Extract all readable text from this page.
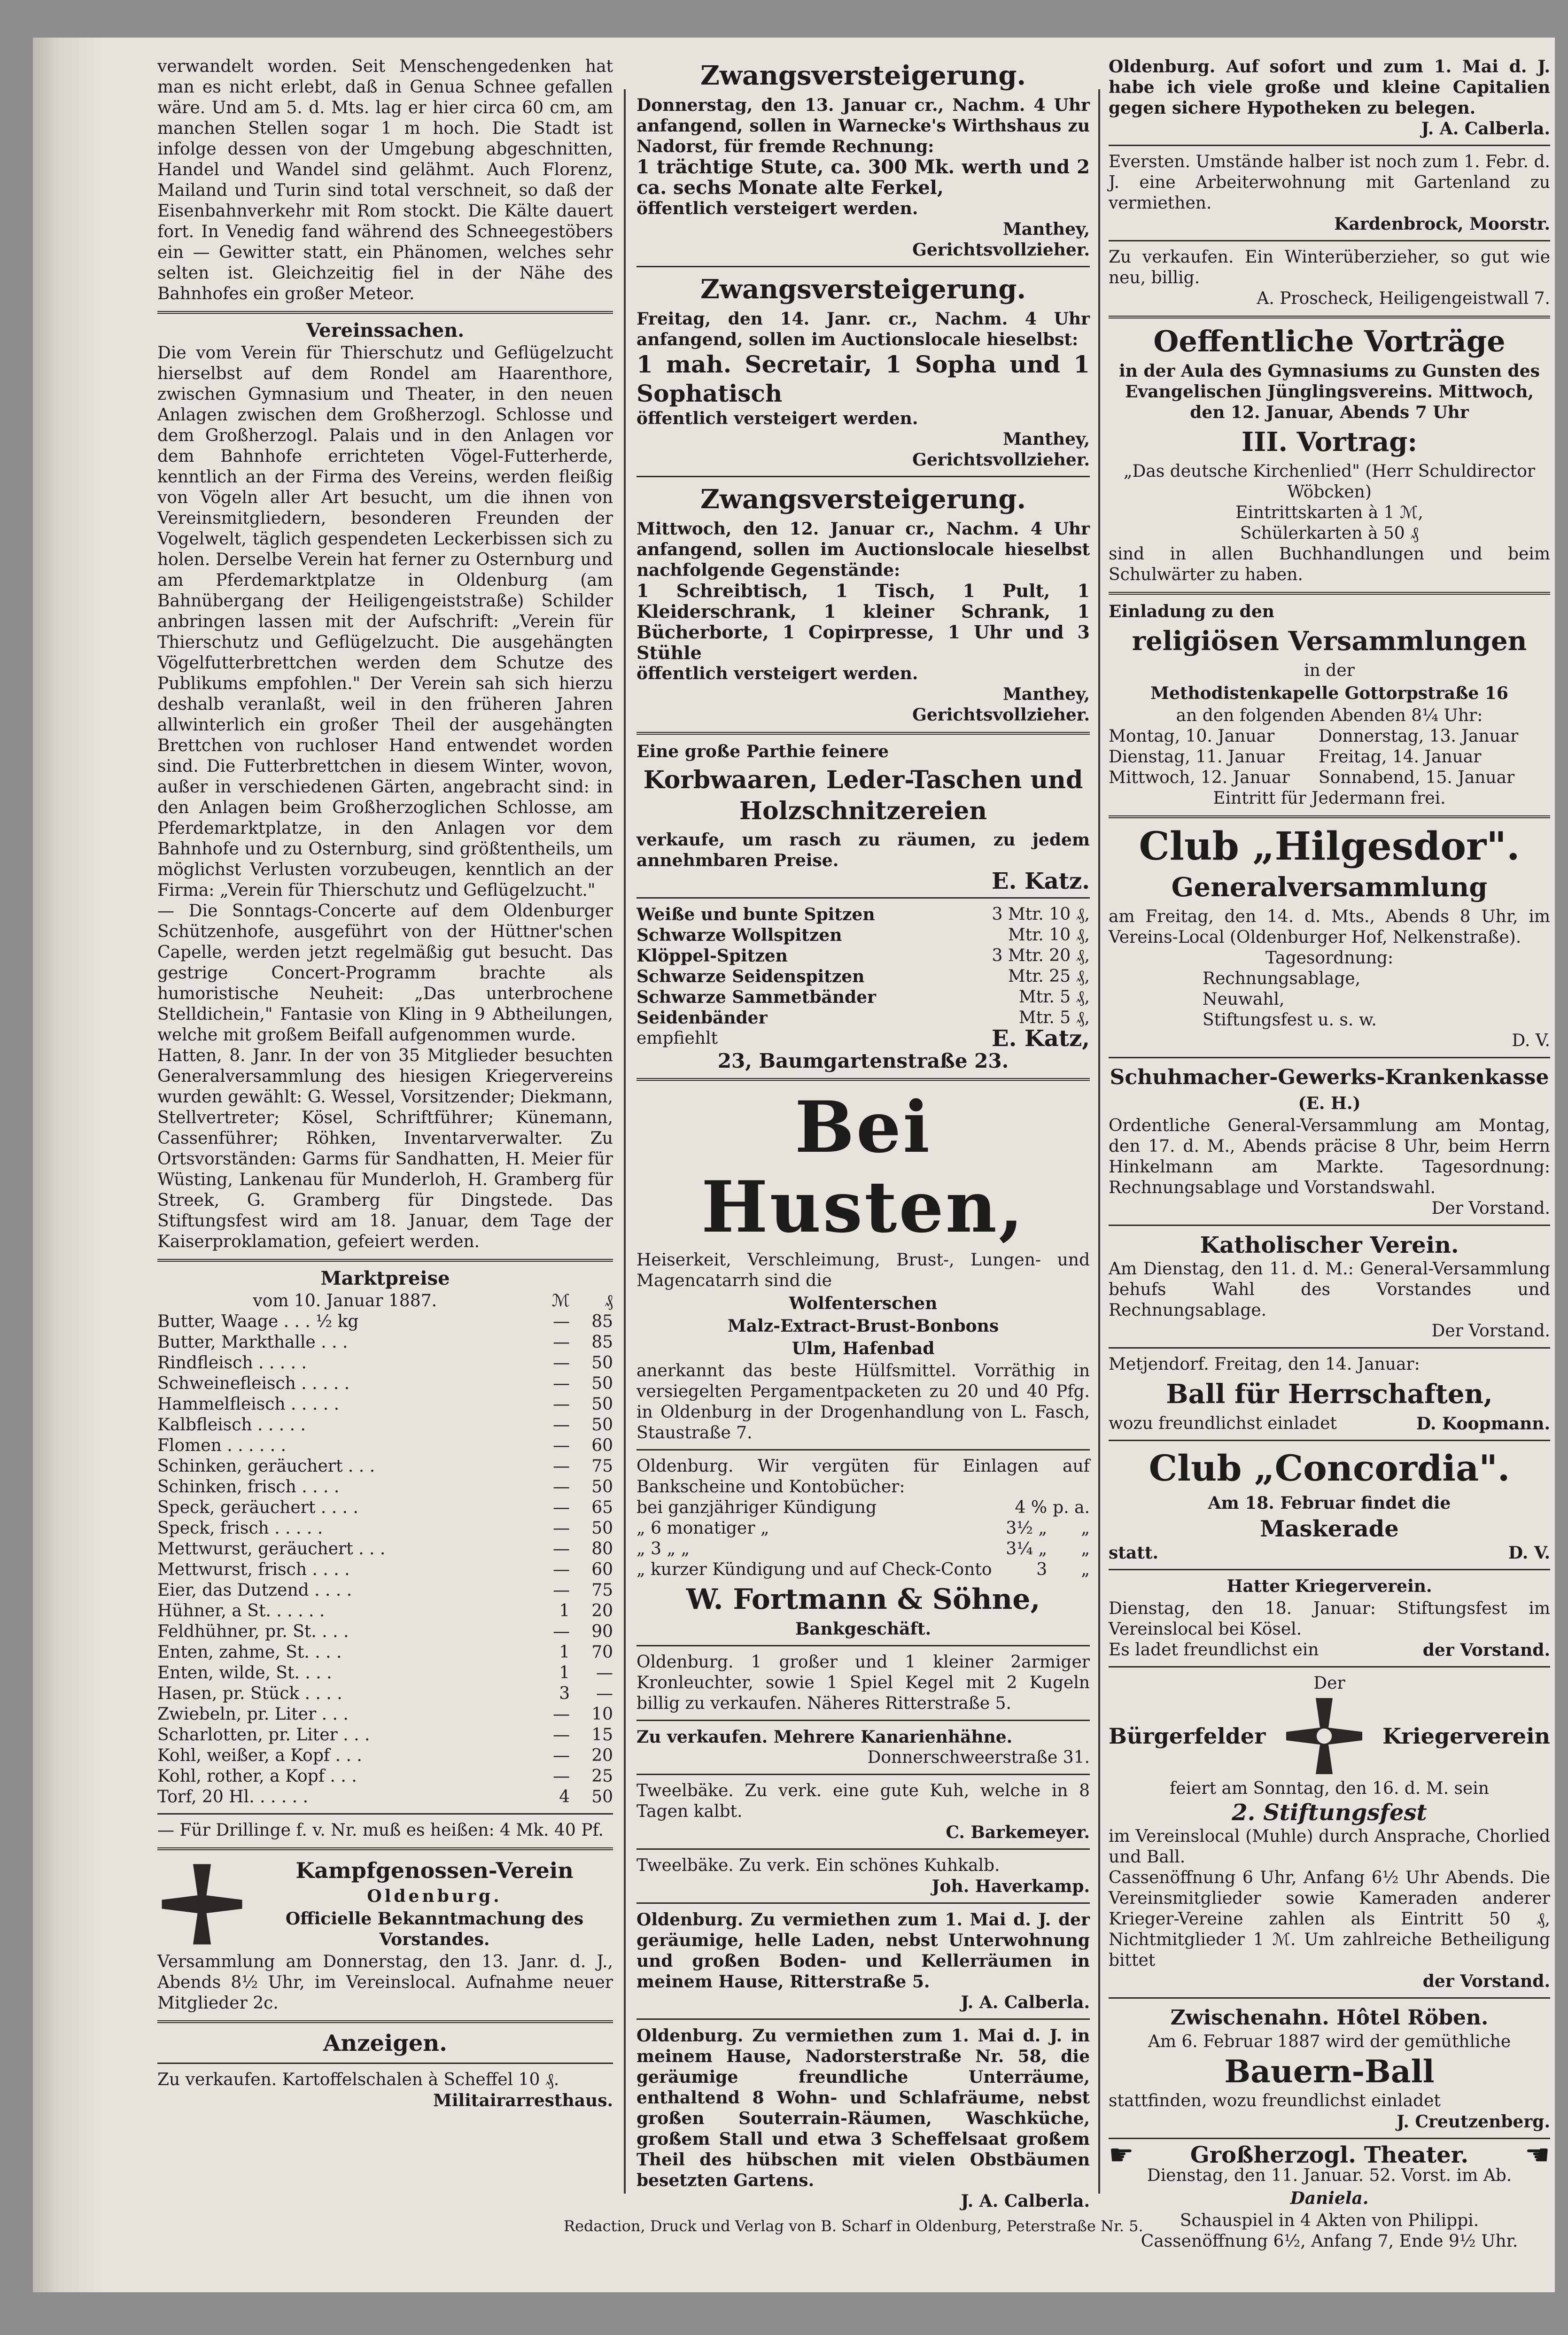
verwandelt worden. Seit Menschengedenken hat man es nicht erlebt, daß in Genua Schnee gefallen wäre. Und am 5. d. Mts. lag er hier circa 60 cm, am manchen Stellen sogar 1 m hoch. Die Stadt ist infolge dessen von der Umgebung abgeschnitten, Handel und Wandel sind gelähmt. Auch Florenz, Mailand und Turin sind total verschneit, so daß der Eisenbahnverkehr mit Rom stockt. Die Kälte dauert fort. In Venedig fand während des Schneegestöbers ein — Gewitter statt, ein Phänomen, welches sehr selten ist. Gleichzeitig fiel in der Nähe des Bahnhofes ein großer Meteor.

Vereinssachen.

Die vom Verein für Thierschutz und Geflügelzucht hierselbst auf dem Rondel am Haarenthore, zwischen Gymnasium und Theater, in den neuen Anlagen zwischen dem Großherzogl. Schlosse und dem Großherzogl. Palais und in den Anlagen vor dem Bahnhofe errichteten Vögel-Futterherde, kenntlich an der Firma des Vereins, werden fleißig von Vögeln aller Art besucht, um die ihnen von Vereinsmitgliedern, besonderen Freunden der Vogelwelt, täglich gespendeten Leckerbissen sich zu holen. Derselbe Verein hat ferner zu Osternburg und am Pferdemarktplatze in Oldenburg (am Bahnübergang der Heiligengeiststraße) Schilder anbringen lassen mit der Aufschrift: „Verein für Thierschutz und Geflügelzucht. Die ausgehängten Vögelfutterbrettchen werden dem Schutze des Publikums empfohlen." Der Verein sah sich hierzu deshalb veranlaßt, weil in den früheren Jahren allwinterlich ein großer Theil der ausgehängten Brettchen von ruchloser Hand entwendet worden sind. Die Futterbrettchen in diesem Winter, wovon, außer in verschiedenen Gärten, angebracht sind: in den Anlagen beim Großherzoglichen Schlosse, am Pferdemarktplatze, in den Anlagen vor dem Bahnhofe und zu Osternburg, sind größtentheils, um möglichst Verlusten vorzubeugen, kenntlich an der Firma: „Verein für Thierschutz und Geflügelzucht."

— Die Sonntags-Concerte auf dem Oldenburger Schützenhofe, ausgeführt von der Hüttner'schen Capelle, werden jetzt regelmäßig gut besucht. Das gestrige Concert-Programm brachte als humoristische Neuheit: „Das unterbrochene Stelldichein," Fantasie von Kling in 9 Abtheilungen, welche mit großem Beifall aufgenommen wurde.

Hatten, 8. Janr. In der von 35 Mitglieder besuchten Generalversammlung des hiesigen Kriegervereins wurden gewählt: G. Wessel, Vorsitzender; Diekmann, Stellvertreter; Kösel, Schriftführer; Künemann, Cassenführer; Röhken, Inventarverwalter. Zu Ortsvorständen: Garms für Sandhatten, H. Meier für Wüsting, Lankenau für Munderloh, H. Gramberg für Streek, G. Gramberg für Dingstede. Das Stiftungsfest wird am 18. Januar, dem Tage der Kaiserproklamation, gefeiert werden.

Marktpreise
vom 10. Januar 1887.	ℳ	₰
Butter, Waage . . . ½ kg	—	85
Butter, Markthalle . . .	—	85
Rindfleisch . . . . .	—	50
Schweinefleisch . . . . .	—	50
Hammelfleisch . . . . .	—	50
Kalbfleisch . . . . .	—	50
Flomen . . . . . .	—	60
Schinken, geräuchert . . .	—	75
Schinken, frisch . . . .	—	50
Speck, geräuchert . . . .	—	65
Speck, frisch . . . . .	—	50
Mettwurst, geräuchert . . .	—	80
Mettwurst, frisch . . . .	—	60
Eier, das Dutzend . . . .	—	75
Hühner, a St. . . . . .	1	20
Feldhühner, pr. St. . . .	—	90
Enten, zahme, St. . . .	1	70
Enten, wilde, St. . . .	1	—
Hasen, pr. Stück . . . .	3	—
Zwiebeln, pr. Liter . . .	—	10
Scharlotten, pr. Liter . . .	—	15
Kohl, weißer, a Kopf . . .	—	20
Kohl, rother, a Kopf . . .	—	25
Torf, 20 Hl. . . . . .	4	50

— Für Drillinge f. v. Nr. muß es heißen: 4 Mk. 40 Pf.

Kampfgenossen-Verein
Oldenburg.
Officielle Bekanntmachung des Vorstandes.

Versammlung am Donnerstag, den 13. Janr. d. J., Abends 8½ Uhr, im Vereinslocal. Aufnahme neuer Mitglieder 2c.

Anzeigen.

Zu verkaufen. Kartoffelschalen à Scheffel 10 ₰.

Militairarresthaus.

Zwangsversteigerung.

Donnerstag, den 13. Januar cr., Nachm. 4 Uhr anfangend, sollen in Warnecke's Wirthshaus zu Nadorst, für fremde Rechnung:

1 trächtige Stute, ca. 300 Mk. werth und 2 ca. sechs Monate alte Ferkel,

öffentlich versteigert werden.

Manthey,

Gerichtsvollzieher.

Zwangsversteigerung.

Freitag, den 14. Janr. cr., Nachm. 4 Uhr anfangend, sollen im Auctionslocale hieselbst:

1 mah. Secretair, 1 Sopha und 1 Sophatisch

öffentlich versteigert werden.

Manthey,

Gerichtsvollzieher.

Zwangsversteigerung.

Mittwoch, den 12. Januar cr., Nachm. 4 Uhr anfangend, sollen im Auctionslocale hieselbst nachfolgende Gegenstände:

1 Schreibtisch, 1 Tisch, 1 Pult, 1 Kleiderschrank, 1 kleiner Schrank, 1 Bücherborte, 1 Copirpresse, 1 Uhr und 3 Stühle

öffentlich versteigert werden.

Manthey,

Gerichtsvollzieher.

Eine große Parthie feinere

Korbwaaren, Leder-Taschen und Holzschnitzereien

verkaufe, um rasch zu räumen, zu jedem annehmbaren Preise.

E. Katz.

Weiße und bunte Spitzen	3 Mtr. 10 ₰,
Schwarze Wollspitzen	Mtr. 10 ₰,
Klöppel-Spitzen	3 Mtr. 20 ₰,
Schwarze Seidenspitzen	Mtr. 25 ₰,
Schwarze Sammetbänder	Mtr. 5 ₰,
Seidenbänder	Mtr. 5 ₰,
empfiehlt	E. Katz,

23, Baumgartenstraße 23.

Bei Husten,

Heiserkeit, Verschleimung, Brust-, Lungen- und Magencatarrh sind die

Wolfenterschen

Malz-Extract-Brust-Bonbons

Ulm, Hafenbad

anerkannt das beste Hülfsmittel. Vorräthig in versiegelten Pergamentpacketen zu 20 und 40 Pfg. in Oldenburg in der Drogenhandlung von L. Fasch, Staustraße 7.

Oldenburg. Wir vergüten für Einlagen auf Bankscheine und Kontobücher:

bei ganzjähriger Kündigung	4 %	p. a.
„ 6 monatiger „	3½ „	„
„ 3 „ „	3¼ „	„
„ kurzer Kündigung und auf Check-Conto	3	„
W. Fortmann & Söhne,

Bankgeschäft.

Oldenburg. 1 großer und 1 kleiner 2armiger Kronleuchter, sowie 1 Spiel Kegel mit 2 Kugeln billig zu verkaufen. Näheres Ritterstraße 5.

Zu verkaufen. Mehrere Kanarienhähne.

Donnerschweerstraße 31.

Tweelbäke. Zu verk. eine gute Kuh, welche in 8 Tagen kalbt.

C. Barkemeyer.

Tweelbäke. Zu verk. Ein schönes Kuhkalb.

Joh. Haverkamp.

Oldenburg. Zu vermiethen zum 1. Mai d. J. der geräumige, helle Laden, nebst Unterwohnung und großen Boden- und Kellerräumen in meinem Hause, Ritterstraße 5.

J. A. Calberla.

Oldenburg. Zu vermiethen zum 1. Mai d. J. in meinem Hause, Nadorsterstraße Nr. 58, die geräumige freundliche Unterräume, enthaltend 8 Wohn- und Schlafräume, nebst großen Souterrain-Räumen, Waschküche, großem Stall und etwa 3 Scheffelsaat großem Theil des hübschen mit vielen Obstbäumen besetzten Gartens.

J. A. Calberla.

Oldenburg. Auf sofort und zum 1. Mai d. J. habe ich viele große und kleine Capitalien gegen sichere Hypotheken zu belegen.

J. A. Calberla.

Eversten. Umstände halber ist noch zum 1. Febr. d. J. eine Arbeiterwohnung mit Gartenland zu vermiethen.

Kardenbrock, Moorstr.

Zu verkaufen. Ein Winterüberzieher, so gut wie neu, billig.

A. Proscheck, Heiligengeistwall 7.

Oeffentliche Vorträge

in der Aula des Gymnasiums zu Gunsten des Evangelischen Jünglingsvereins. Mittwoch, den 12. Januar, Abends 7 Uhr

III. Vortrag:

„Das deutsche Kirchenlied" (Herr Schuldirector Wöbcken)

Eintrittskarten à 1 ℳ,

Schülerkarten à 50 ₰

sind in allen Buchhandlungen und beim Schulwärter zu haben.

Einladung zu den

religiösen Versammlungen

in der

Methodistenkapelle Gottorpstraße 16

an den folgenden Abenden 8¼ Uhr:

Montag, 10. Januar	Donnerstag, 13. Januar
Dienstag, 11. Januar	Freitag, 14. Januar
Mittwoch, 12. Januar	Sonnabend, 15. Januar

Eintritt für Jedermann frei.

Club „Hilgesdor".
Generalversammlung

am Freitag, den 14. d. Mts., Abends 8 Uhr, im Vereins-Local (Oldenburger Hof, Nelkenstraße).

Tagesordnung:

Rechnungsablage,
Neuwahl,
Stiftungsfest u. s. w.

D. V.

Schuhmacher-Gewerks-Krankenkasse

(E. H.)

Ordentliche General-Versammlung am Montag, den 17. d. M., Abends präcise 8 Uhr, beim Herrn Hinkelmann am Markte. Tagesordnung: Rechnungsablage und Vorstandswahl.

Der Vorstand.

Katholischer Verein.

Am Dienstag, den 11. d. M.: General-Versammlung behufs Wahl des Vorstandes und Rechnungsablage.

Der Vorstand.

Metjendorf. Freitag, den 14. Januar:

Ball für Herrschaften,
wozu freundlichst einladet	D. Koopmann.
Club „Concordia".

Am 18. Februar findet die

Maskerade
statt.	D. V.

Hatter Kriegerverein.

Dienstag, den 18. Januar: Stiftungsfest im Vereinslocal bei Kösel.

Es ladet freundlichst ein	der Vorstand.

Der

Bürgerfelder	Kriegerverein

feiert am Sonntag, den 16. d. M. sein

2. Stiftungsfest

im Vereinslocal (Muhle) durch Ansprache, Chorlied und Ball.

Cassenöffnung 6 Uhr, Anfang 6½ Uhr Abends. Die Vereinsmitglieder sowie Kameraden anderer Krieger-Vereine zahlen als Eintritt 50 ₰, Nichtmitglieder 1 ℳ. Um zahlreiche Betheiligung bittet

der Vorstand.

Zwischenahn. Hôtel Röben.

Am 6. Februar 1887 wird der gemüthliche

Bauern-Ball

stattfinden, wozu freundlichst einladet

J. Creutzenberg.

☛ Großherzogl. Theater. ☛

Dienstag, den 11. Januar. 52. Vorst. im Ab.

Daniela.

Schauspiel in 4 Akten von Philippi.

Cassenöffnung 6½, Anfang 7, Ende 9½ Uhr.

Redaction, Druck und Verlag von B. Scharf in Oldenburg, Peterstraße Nr. 5.
